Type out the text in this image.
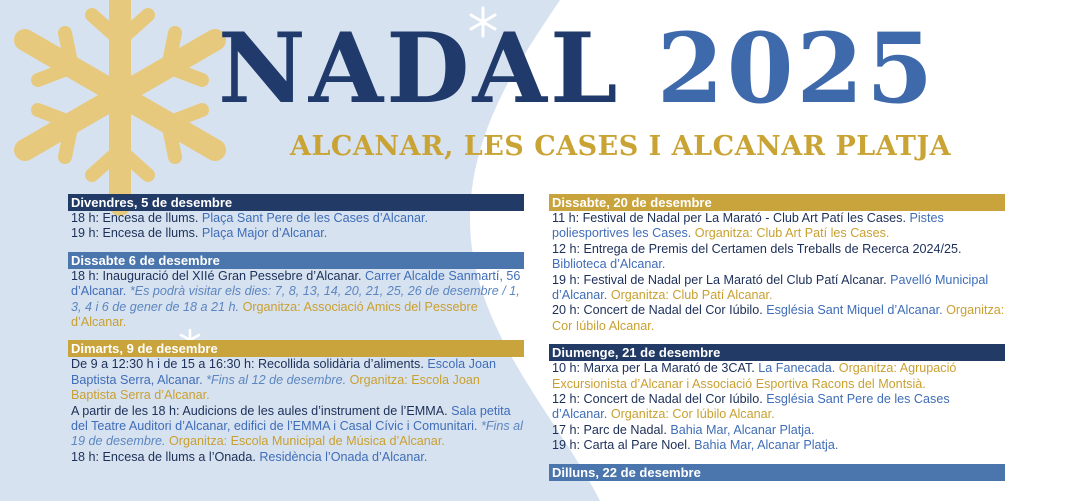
NADAL 2025
ALCANAR, LES CASES I ALCANAR PLATJA
Divendres, 5 de desembre
18 h: Encesa de llums. Plaça Sant Pere de les Cases d’Alcanar.
19 h: Encesa de llums. Plaça Major d’Alcanar.
Dissabte 6 de desembre
18 h: Inauguració del XIIé Gran Pessebre d’Alcanar. Carrer Alcalde Sanmartí, 56 d’Alcanar. *Es podrà visitar els dies: 7, 8, 13, 14, 20, 21, 25, 26 de desembre / 1, 3, 4 i 6 de gener de 18 a 21 h. Organitza: Associació Amics del Pessebre d’Alcanar.
Dimarts, 9 de desembre
De 9 a 12:30 h i de 15 a 16:30 h: Recollida solidària d’aliments. Escola Joan Baptista Serra, Alcanar. *Fins al 12 de desembre. Organitza: Escola Joan Baptista Serra d’Alcanar.
A partir de les 18 h: Audicions de les aules d’instrument de l’EMMA. Sala petita del Teatre Auditori d’Alcanar, edifici de l’EMMA i Casal Cívic i Comunitari. *Fins al 19 de desembre. Organitza: Escola Municipal de Música d’Alcanar.
18 h: Encesa de llums a l’Onada. Residència l’Onada d’Alcanar.
Dissabte, 20 de desembre
11 h: Festival de Nadal per La Marató - Club Art Patí les Cases. Pistes poliesportives les Cases. Organitza: Club Art Patí les Cases.
12 h: Entrega de Premis del Certamen dels Treballs de Recerca 2024/25. Biblioteca d’Alcanar.
19 h: Festival de Nadal per La Marató del Club Patí Alcanar. Pavelló Municipal d’Alcanar. Organitza: Club Patí Alcanar.
20 h: Concert de Nadal del Cor Iúbilo. Església Sant Miquel d’Alcanar. Organitza: Cor Iúbilo Alcanar.
Diumenge, 21 de desembre
10 h: Marxa per La Marató de 3CAT. La Fanecada. Organitza: Agrupació Excursionista d’Alcanar i Associació Esportiva Racons del Montsià.
12 h: Concert de Nadal del Cor Iúbilo. Església Sant Pere de les Cases d’Alcanar. Organitza: Cor Iúbilo Alcanar.
17 h: Parc de Nadal. Bahia Mar, Alcanar Platja.
19 h: Carta al Pare Noel. Bahia Mar, Alcanar Platja.
Dilluns, 22 de desembre
